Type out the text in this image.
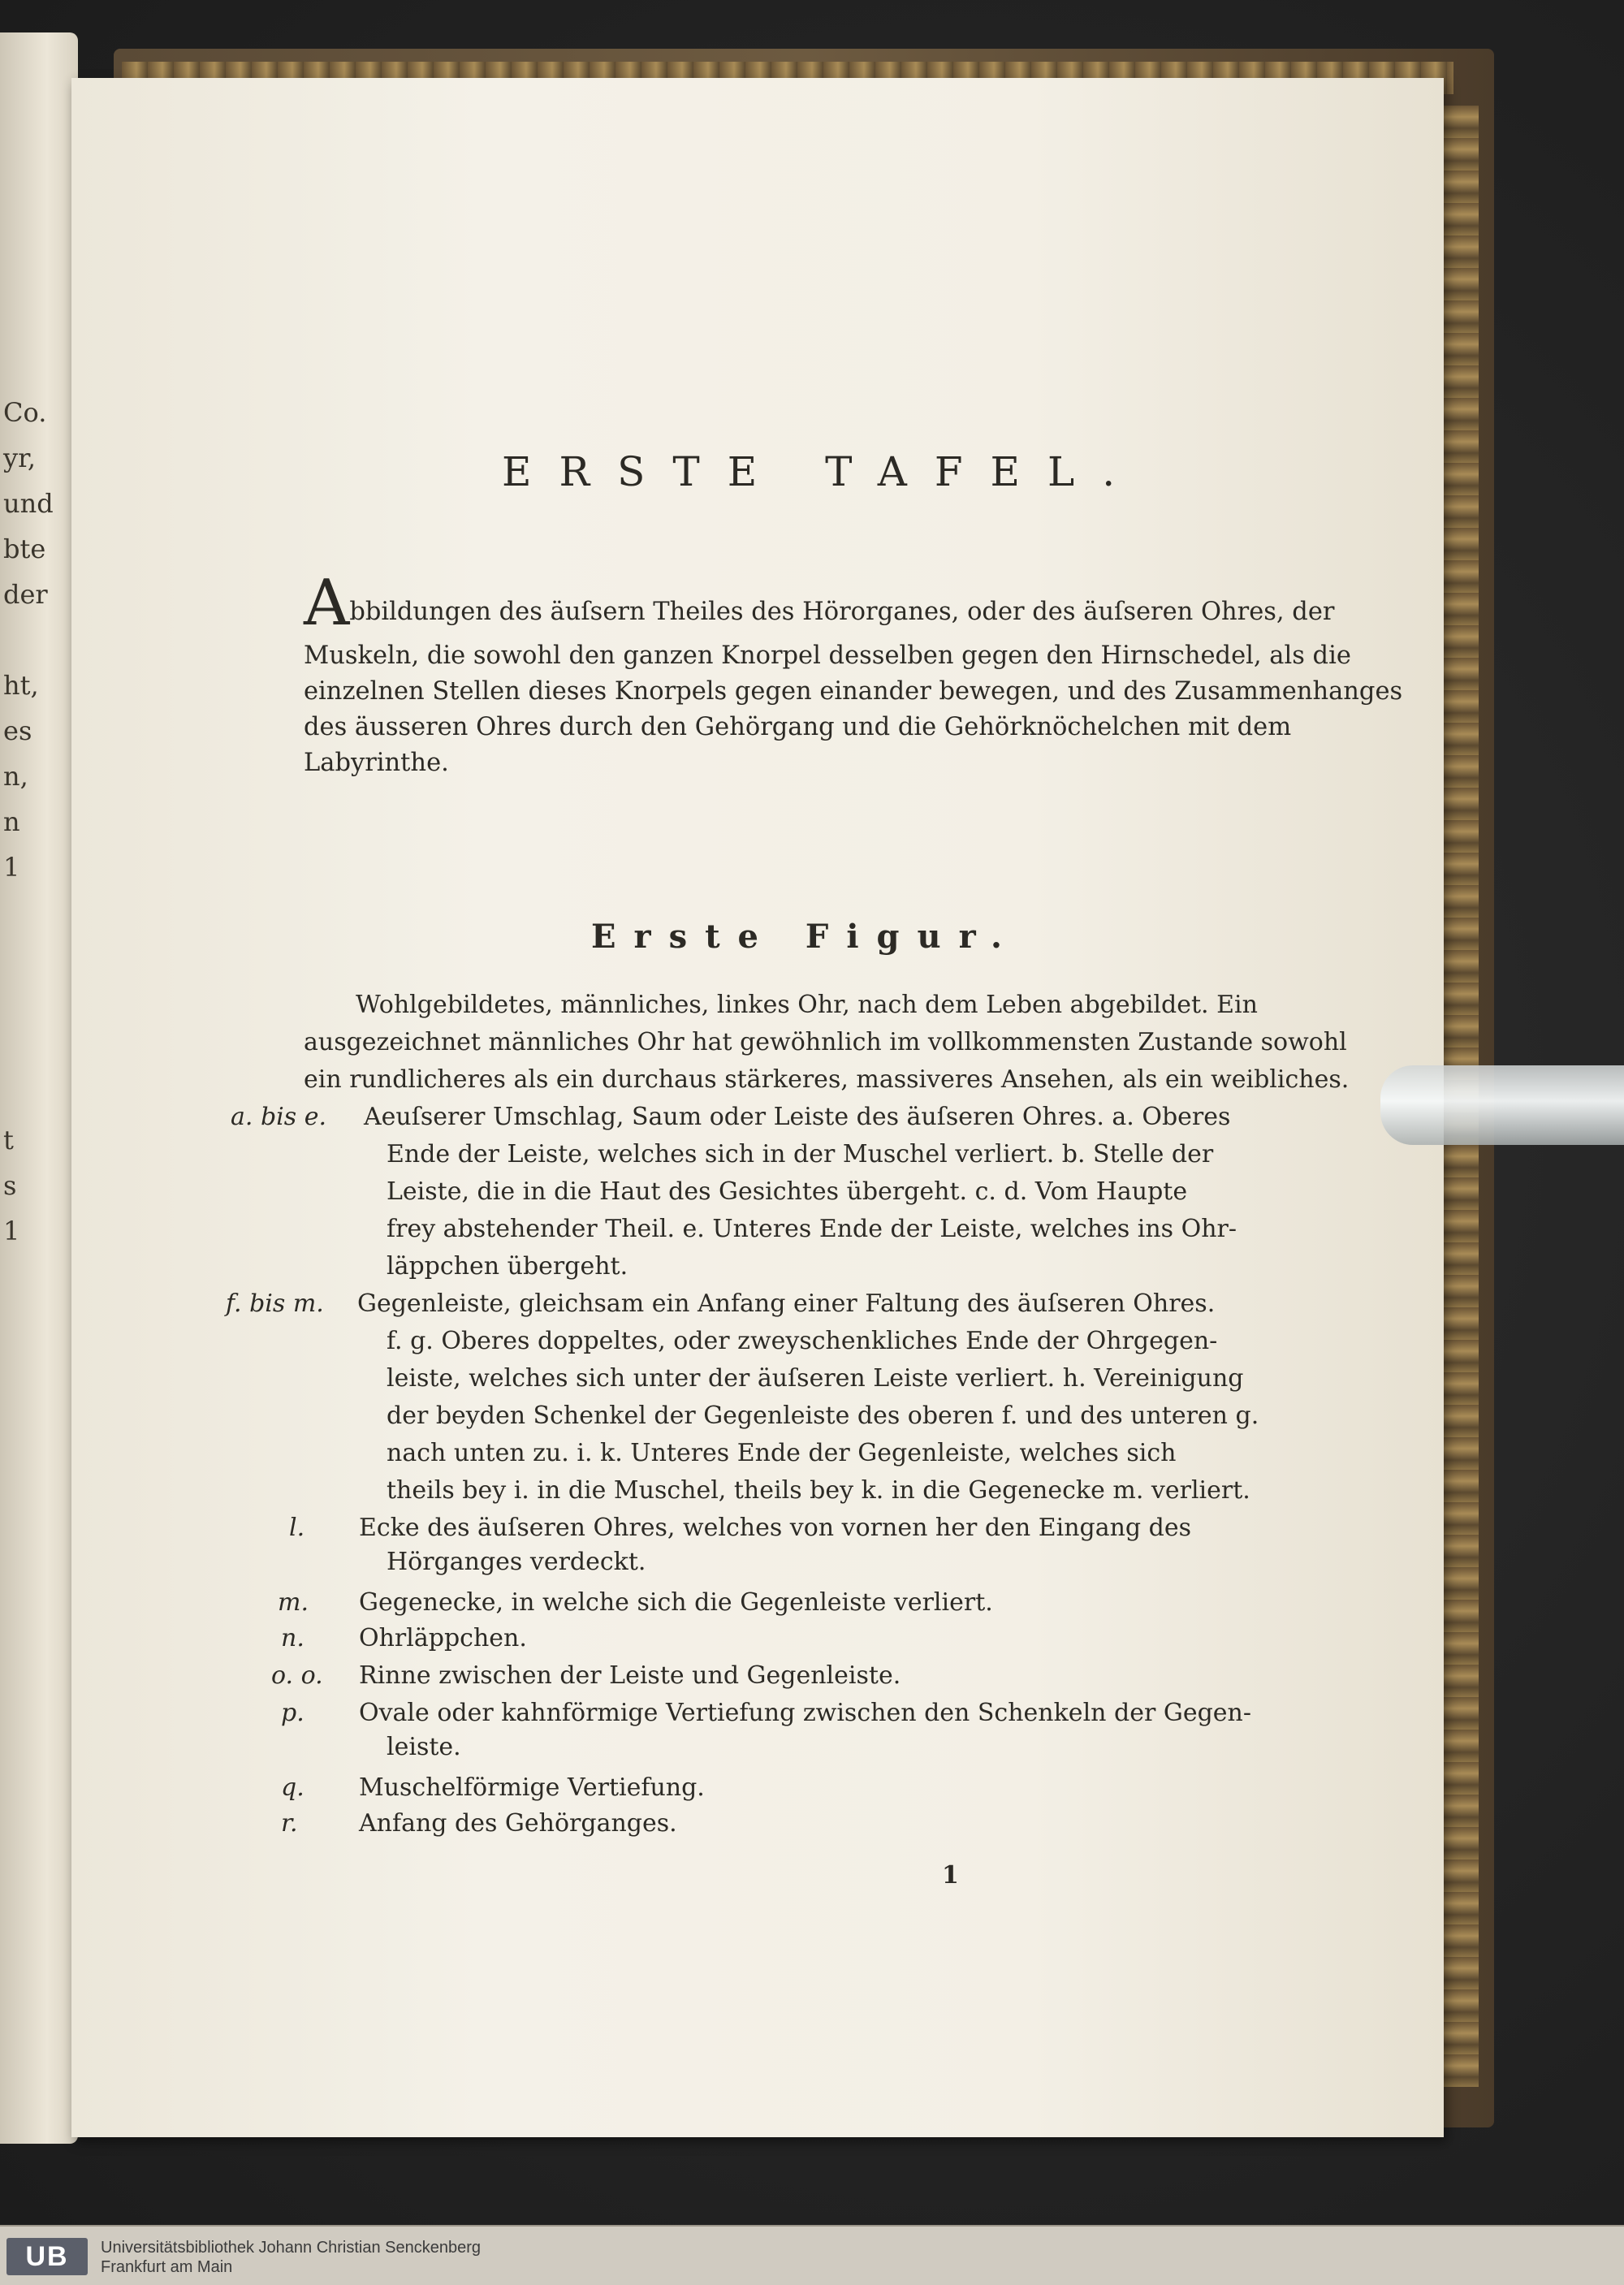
Co.
yr,
und
bte
der
ht,
es
n,
n
1
t
s
1
ERSTE TAFEL.

Abbildungen des äuſsern Theiles des Hörorganes, oder des äuſseren Ohres, der

Muskeln, die sowohl den ganzen Knorpel desselben gegen den Hirnschedel, als die

einzelnen Stellen dieses Knorpels gegen einander bewegen, und des Zusammenhanges

des äusseren Ohres durch den Gehörgang und die Gehörknöchelchen mit dem

Labyrinthe.

Erste Figur.

Wohlgebildetes, männliches, linkes Ohr, nach dem Leben abgebildet. Ein

ausgezeichnet männliches Ohr hat gewöhnlich im vollkommensten Zustande sowohl

ein rundlicheres als ein durchaus stärkeres, massiveres Ansehen, als ein weibliches.

a. bis e. Aeuſserer Umschlag, Saum oder Leiste des äuſseren Ohres. a. Oberes

Ende der Leiste, welches sich in der Muschel verliert. b. Stelle der

Leiste, die in die Haut des Gesichtes übergeht. c. d. Vom Haupte

frey abstehender Theil. e. Unteres Ende der Leiste, welches ins Ohr-

läppchen übergeht.

f. bis m. Gegenleiste, gleichsam ein Anfang einer Faltung des äuſseren Ohres.

f. g. Oberes doppeltes, oder zweyschenkliches Ende der Ohrgegen-

leiste, welches sich unter der äuſseren Leiste verliert. h. Vereinigung

der beyden Schenkel der Gegenleiste des oberen f. und des unteren g.

nach unten zu. i. k. Unteres Ende der Gegenleiste, welches sich

theils bey i. in die Muschel, theils bey k. in die Gegenecke m. verliert.

l. Ecke des äuſseren Ohres, welches von vornen her den Eingang des

Hörganges verdeckt.

m. Gegenecke, in welche sich die Gegenleiste verliert.

n. Ohrläppchen.

o. o. Rinne zwischen der Leiste und Gegenleiste.

p. Ovale oder kahnförmige Vertiefung zwischen den Schenkeln der Gegen-

leiste.

q. Muschelförmige Vertiefung.

r.	Anfang des Gehörganges.

1

UB	Universitätsbibliothek Johann Christian Senckenberg
Frankfurt am Main
